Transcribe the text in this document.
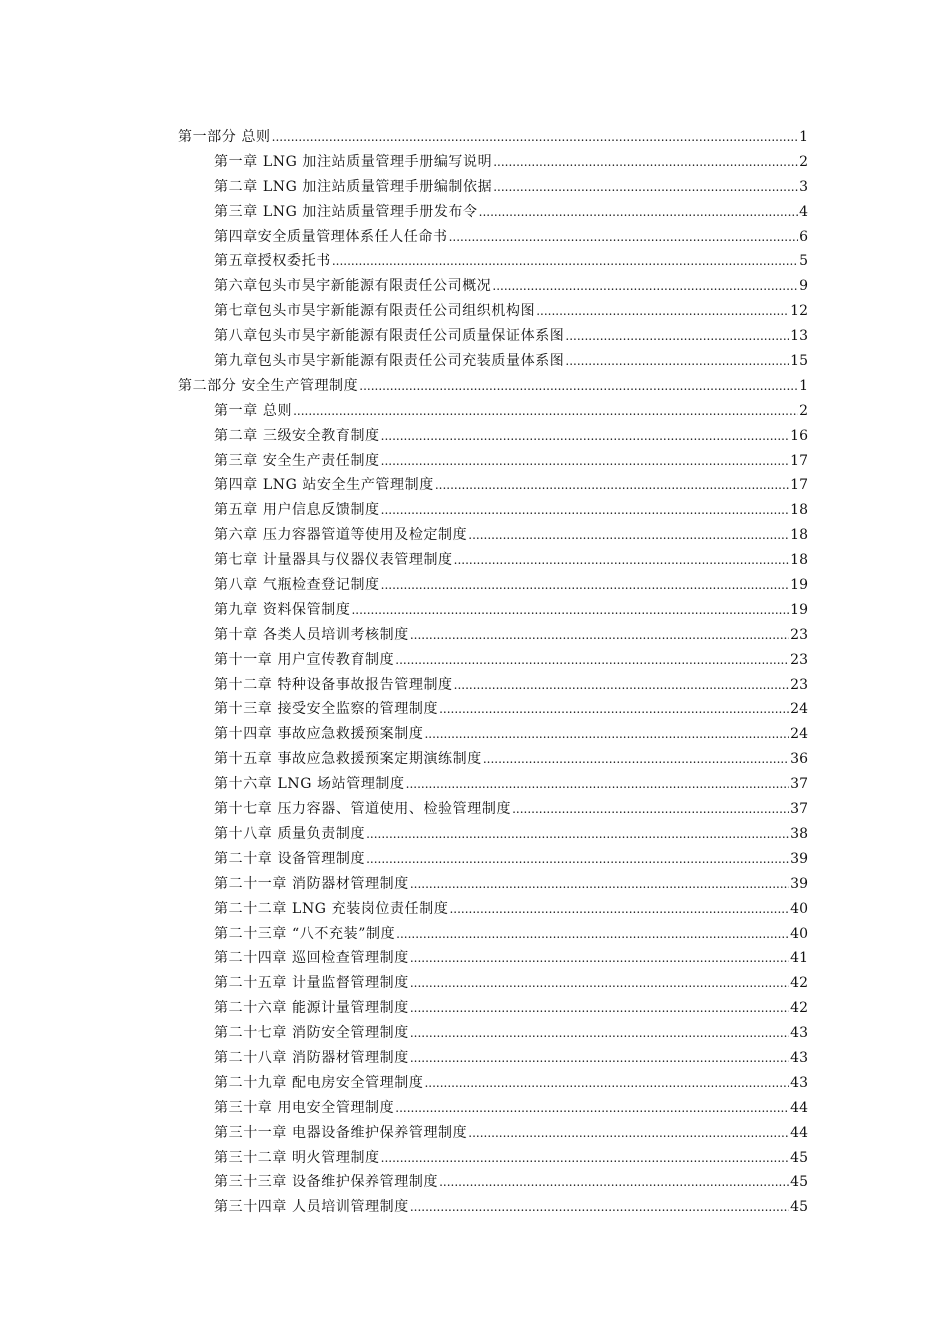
第一部分 总则 .....	1
第一章 LNG 加注站质量管理手册编写说明 .....	2
第二章 LNG 加注站质量管理手册编制依据 .....	3
第三章 LNG 加注站质量管理手册发布令 .....	4
第四章安全质量管理体系任人任命书 .....	6
第五章授权委托书 .....	5
第六章包头市昊宇新能源有限责任公司概况 .....	9
第七章包头市昊宇新能源有限责任公司组织机构图 .....	12
第八章包头市昊宇新能源有限责任公司质量保证体系图 .....	13
第九章包头市昊宇新能源有限责任公司充装质量体系图 .....	15
第二部分 安全生产管理制度 .....	1
第一章 总则 .....	2
第二章 三级安全教育制度 .....	16
第三章 安全生产责任制度 .....	17
第四章 LNG 站安全生产管理制度 .....	17
第五章 用户信息反馈制度 .....	18
第六章 压力容器管道等使用及检定制度 .....	18
第七章 计量器具与仪器仪表管理制度 .....	18
第八章 气瓶检查登记制度 .....	19
第九章 资料保管制度 .....	19
第十章 各类人员培训考核制度 .....	23
第十一章 用户宣传教育制度 .....	23
第十二章 特种设备事故报告管理制度 .....	23
第十三章 接受安全监察的管理制度 .....	24
第十四章 事故应急救援预案制度 .....	24
第十五章 事故应急救援预案定期演练制度 .....	36
第十六章 LNG 场站管理制度 .....	37
第十七章 压力容器、管道使用、检验管理制度 .....	37
第十八章 质量负责制度 .....	38
第二十章 设备管理制度 .....	39
第二十一章 消防器材管理制度 .....	39
第二十二章 LNG 充装岗位责任制度 .....	40
第二十三章 “八不充装”制度 .....	40
第二十四章 巡回检查管理制度 .....	41
第二十五章 计量监督管理制度 .....	42
第二十六章 能源计量管理制度 .....	42
第二十七章 消防安全管理制度 .....	43
第二十八章 消防器材管理制度 .....	43
第二十九章 配电房安全管理制度 .....	43
第三十章 用电安全管理制度 .....	44
第三十一章 电器设备维护保养管理制度 .....	44
第三十二章 明火管理制度 .....	45
第三十三章 设备维护保养管理制度 .....	45
第三十四章 人员培训管理制度 .....	45
